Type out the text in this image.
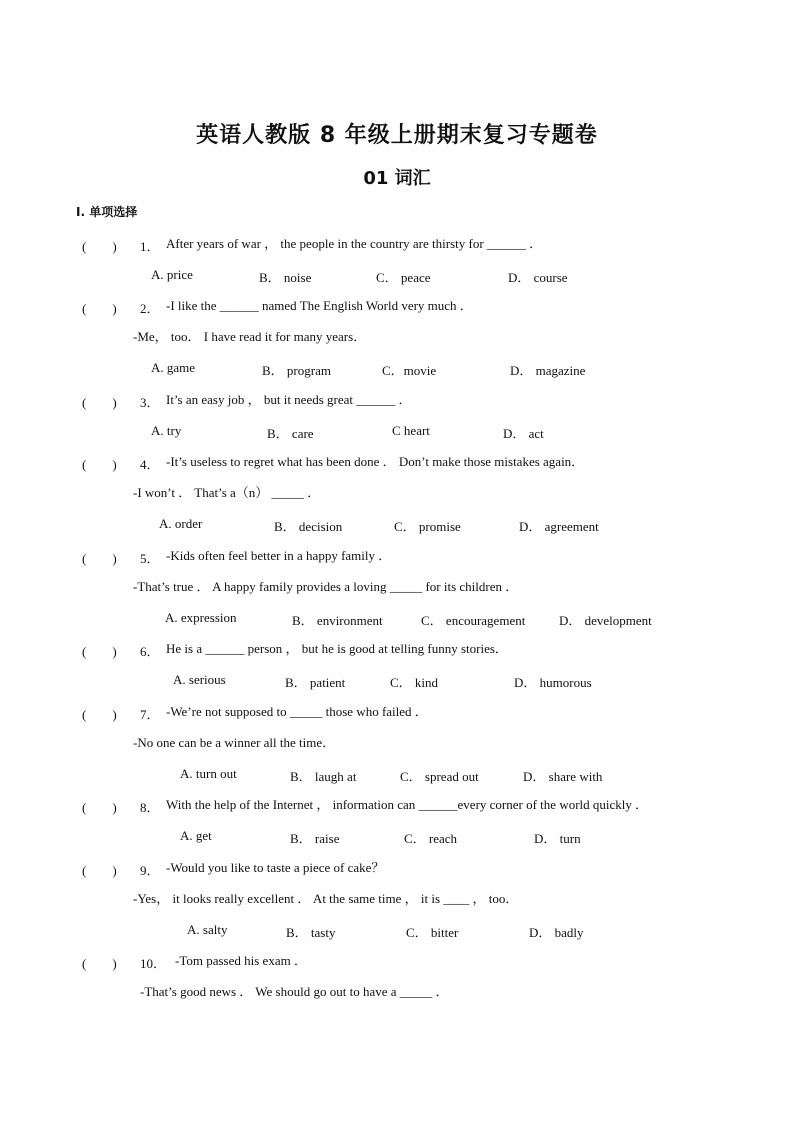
英语人教版 8 年级上册期末复习专题卷
01 词汇
I. 单项选择
(　　) 1． After years of war ， the people in the country are thirsty for ______ ．
A. price	B． noise	C． peace	D． course
(　　) 2． -I like the ______ named The English World very much ．
-Me， too． I have read it for many years．
A. game	B． program	C．movie	D． magazine
(　　) 3． It’s an easy job ， but it needs great ______ ．
A. try	B． care	C heart	D． act
(　　) 4． -It’s useless to regret what has been done ． Don’t make those mistakes again．
-I won’t ． That’s a（n） _____ ．
A. order	B． decision	C． promise	D． agreement
(　　) 5． -Kids often feel better in a happy family ．
-That’s true ． A happy family provides a loving _____ for its children ．
A. expression	B． environment	C． encouragement	D． development
(　　) 6． He is a ______ person ， but he is good at telling funny stories．
A. serious	B． patient	C． kind	D． humorous
(　　) 7． -We’re not supposed to _____ those who failed ．
-No one can be a winner all the time．
A. turn out	B． laugh at	C． spread out	D． share with
(　　) 8． With the help of the Internet ， information can ______every corner of the world quickly ．
A. get	B． raise	C． reach	D． turn
(　　) 9． -Would you like to taste a piece of cake？
-Yes， it looks really excellent ． At the same time ， it is ____ ， too．
A. salty	B． tasty	C． bitter	D． badly
(　　) 10． -Tom passed his exam ．
-That’s good news ． We should go out to have a _____ ．
